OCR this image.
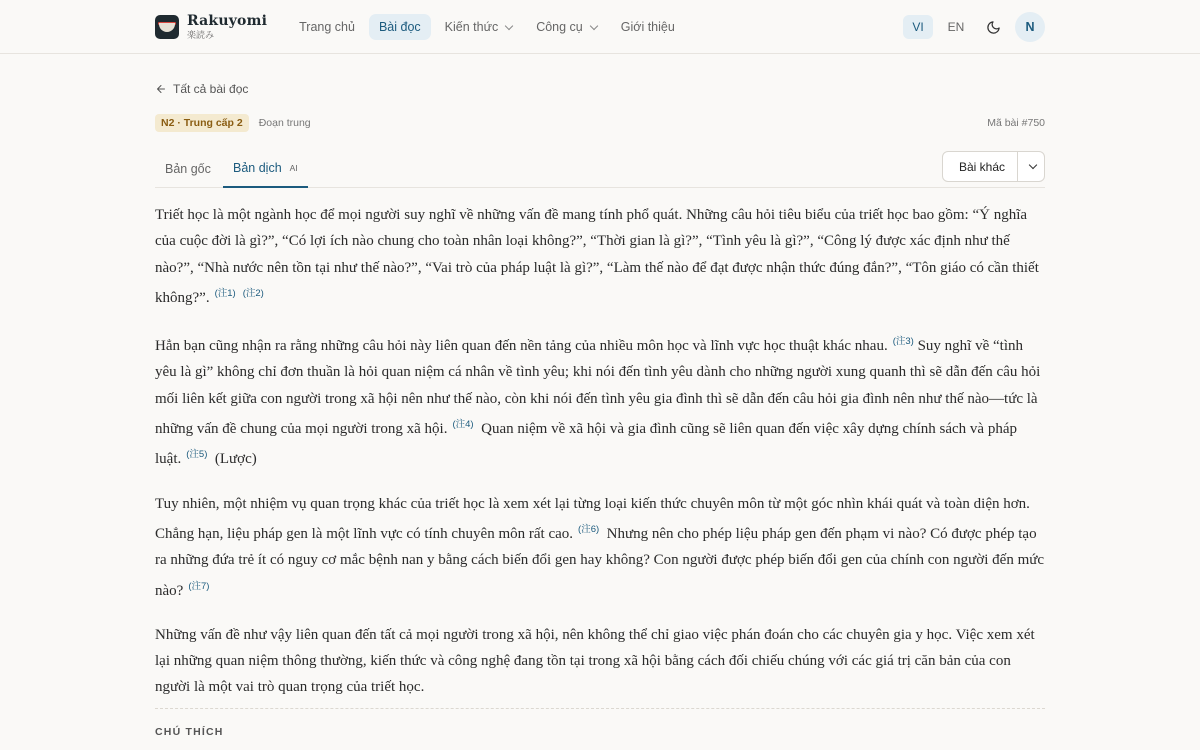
Rakuyomi
楽読み
Trang chủ	Bài đọc	Kiến thức	Công cụ	Giới thiệu	VI	EN	N
Tất cả bài đọc
N2 · Trung cấp 2	Đoạn trung	Mã bài #750
Bản gốc	Bản dịch AI	Bài khác

Triết học là một ngành học để mọi người suy nghĩ về những vấn đề mang tính phổ quát. Những câu hỏi tiêu biểu của triết học bao gồm: “Ý nghĩa của cuộc đời là gì?”, “Có lợi ích nào chung cho toàn nhân loại không?”, “Thời gian là gì?”, “Tình yêu là gì?”, “Công lý được xác định như thế nào?”, “Nhà nước nên tồn tại như thế nào?”, “Vai trò của pháp luật là gì?”, “Làm thế nào để đạt được nhận thức đúng đắn?”, “Tôn giáo có cần thiết không?”. $^{(注1)}$ $^{(注2)}$

Hẳn bạn cũng nhận ra rằng những câu hỏi này liên quan đến nền tảng của nhiều môn học và lĩnh vực học thuật khác nhau. $^{(注3)}$ Suy nghĩ về “tình yêu là gì” không chỉ đơn thuần là hỏi quan niệm cá nhân về tình yêu; khi nói đến tình yêu dành cho những người xung quanh thì sẽ dẫn đến câu hỏi mối liên kết giữa con người trong xã hội nên như thế nào, còn khi nói đến tình yêu gia đình thì sẽ dẫn đến câu hỏi gia đình nên như thế nào—tức là những vấn đề chung của mọi người trong xã hội. $^{(注4)}$ Quan niệm về xã hội và gia đình cũng sẽ liên quan đến việc xây dựng chính sách và pháp luật. $^{(注5)}$ (Lược)

Tuy nhiên, một nhiệm vụ quan trọng khác của triết học là xem xét lại từng loại kiến thức chuyên môn từ một góc nhìn khái quát và toàn diện hơn. Chẳng hạn, liệu pháp gen là một lĩnh vực có tính chuyên môn rất cao. $^{(注6)}$ Nhưng nên cho phép liệu pháp gen đến phạm vi nào? Có được phép tạo ra những đứa trẻ ít có nguy cơ mắc bệnh nan y bằng cách biến đổi gen hay không? Con người được phép biến đổi gen của chính con người đến mức nào? $^{(注7)}$

Những vấn đề như vậy liên quan đến tất cả mọi người trong xã hội, nên không thể chỉ giao việc phán đoán cho các chuyên gia y học. Việc xem xét lại những quan niệm thông thường, kiến thức và công nghệ đang tồn tại trong xã hội bằng cách đối chiếu chúng với các giá trị căn bản của con người là một vai trò quan trọng của triết học.

CHÚ THÍCH
